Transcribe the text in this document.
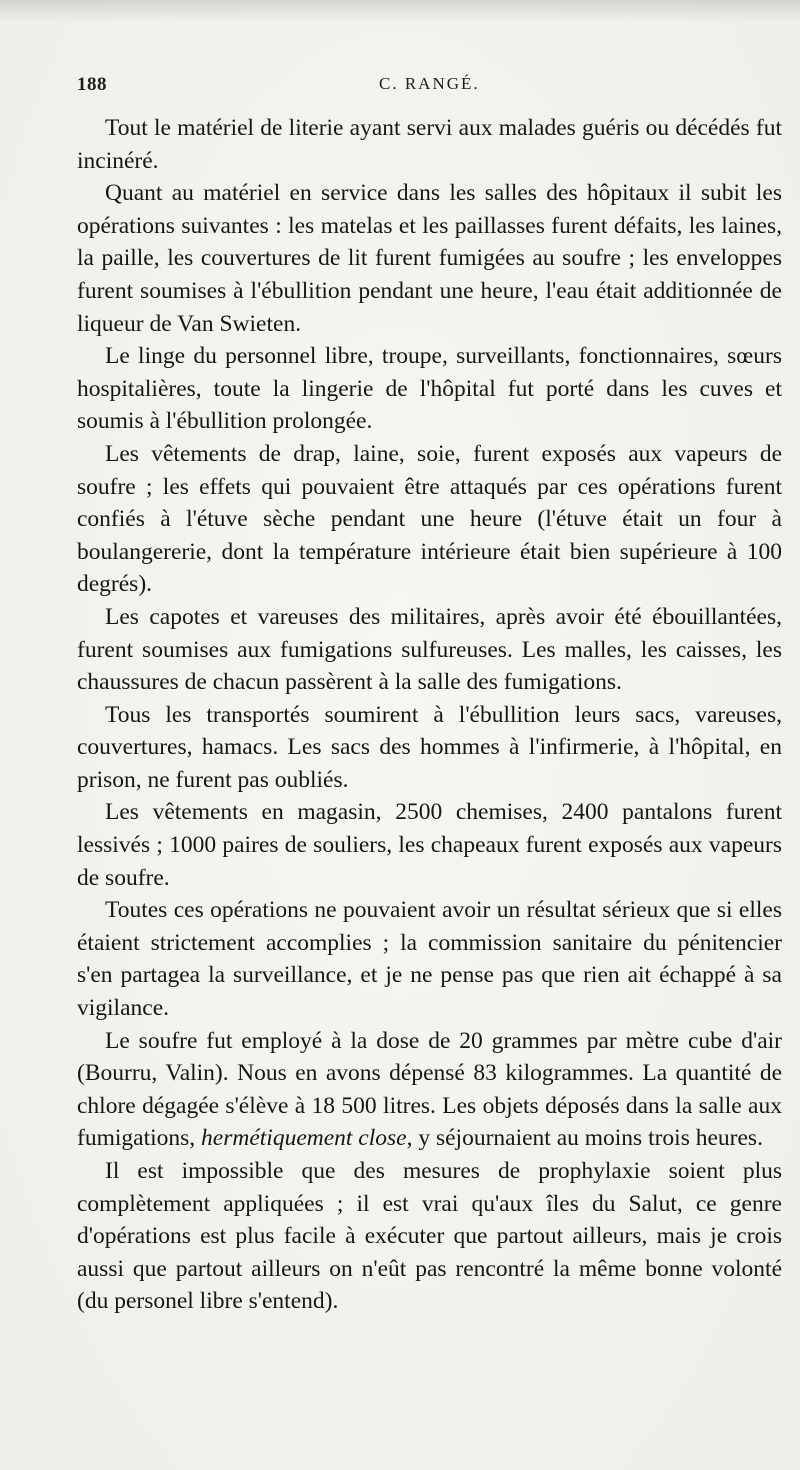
188	C. RANGÉ.

Tout le matériel de literie ayant servi aux malades guéris ou décédés fut incinéré.

Quant au matériel en service dans les salles des hôpitaux il subit les opérations suivantes : les matelas et les paillasses furent défaits, les laines, la paille, les couvertures de lit furent fumigées au soufre ; les enveloppes furent soumises à l'ébullition pendant une heure, l'eau était additionnée de liqueur de Van Swieten.

Le linge du personnel libre, troupe, surveillants, fonctionnaires, sœurs hospitalières, toute la lingerie de l'hôpital fut porté dans les cuves et soumis à l'ébullition prolongée.

Les vêtements de drap, laine, soie, furent exposés aux vapeurs de soufre ; les effets qui pouvaient être attaqués par ces opérations furent confiés à l'étuve sèche pendant une heure (l'étuve était un four à boulangererie, dont la température intérieure était bien supérieure à 100 degrés).

Les capotes et vareuses des militaires, après avoir été ébouillantées, furent soumises aux fumigations sulfureuses. Les malles, les caisses, les chaussures de chacun passèrent à la salle des fumigations.

Tous les transportés soumirent à l'ébullition leurs sacs, vareuses, couvertures, hamacs. Les sacs des hommes à l'infirmerie, à l'hôpital, en prison, ne furent pas oubliés.

Les vêtements en magasin, 2500 chemises, 2400 pantalons furent lessivés ; 1000 paires de souliers, les chapeaux furent exposés aux vapeurs de soufre.

Toutes ces opérations ne pouvaient avoir un résultat sérieux que si elles étaient strictement accomplies ; la commission sanitaire du pénitencier s'en partagea la surveillance, et je ne pense pas que rien ait échappé à sa vigilance.

Le soufre fut employé à la dose de 20 grammes par mètre cube d'air (Bourru, Valin). Nous en avons dépensé 83 kilogrammes. La quantité de chlore dégagée s'élève à 18 500 litres. Les objets déposés dans la salle aux fumigations, hermétiquement close, y séjournaient au moins trois heures.

Il est impossible que des mesures de prophylaxie soient plus complètement appliquées ; il est vrai qu'aux îles du Salut, ce genre d'opérations est plus facile à exécuter que partout ailleurs, mais je crois aussi que partout ailleurs on n'eût pas rencontré la même bonne volonté (du personel libre s'entend).
